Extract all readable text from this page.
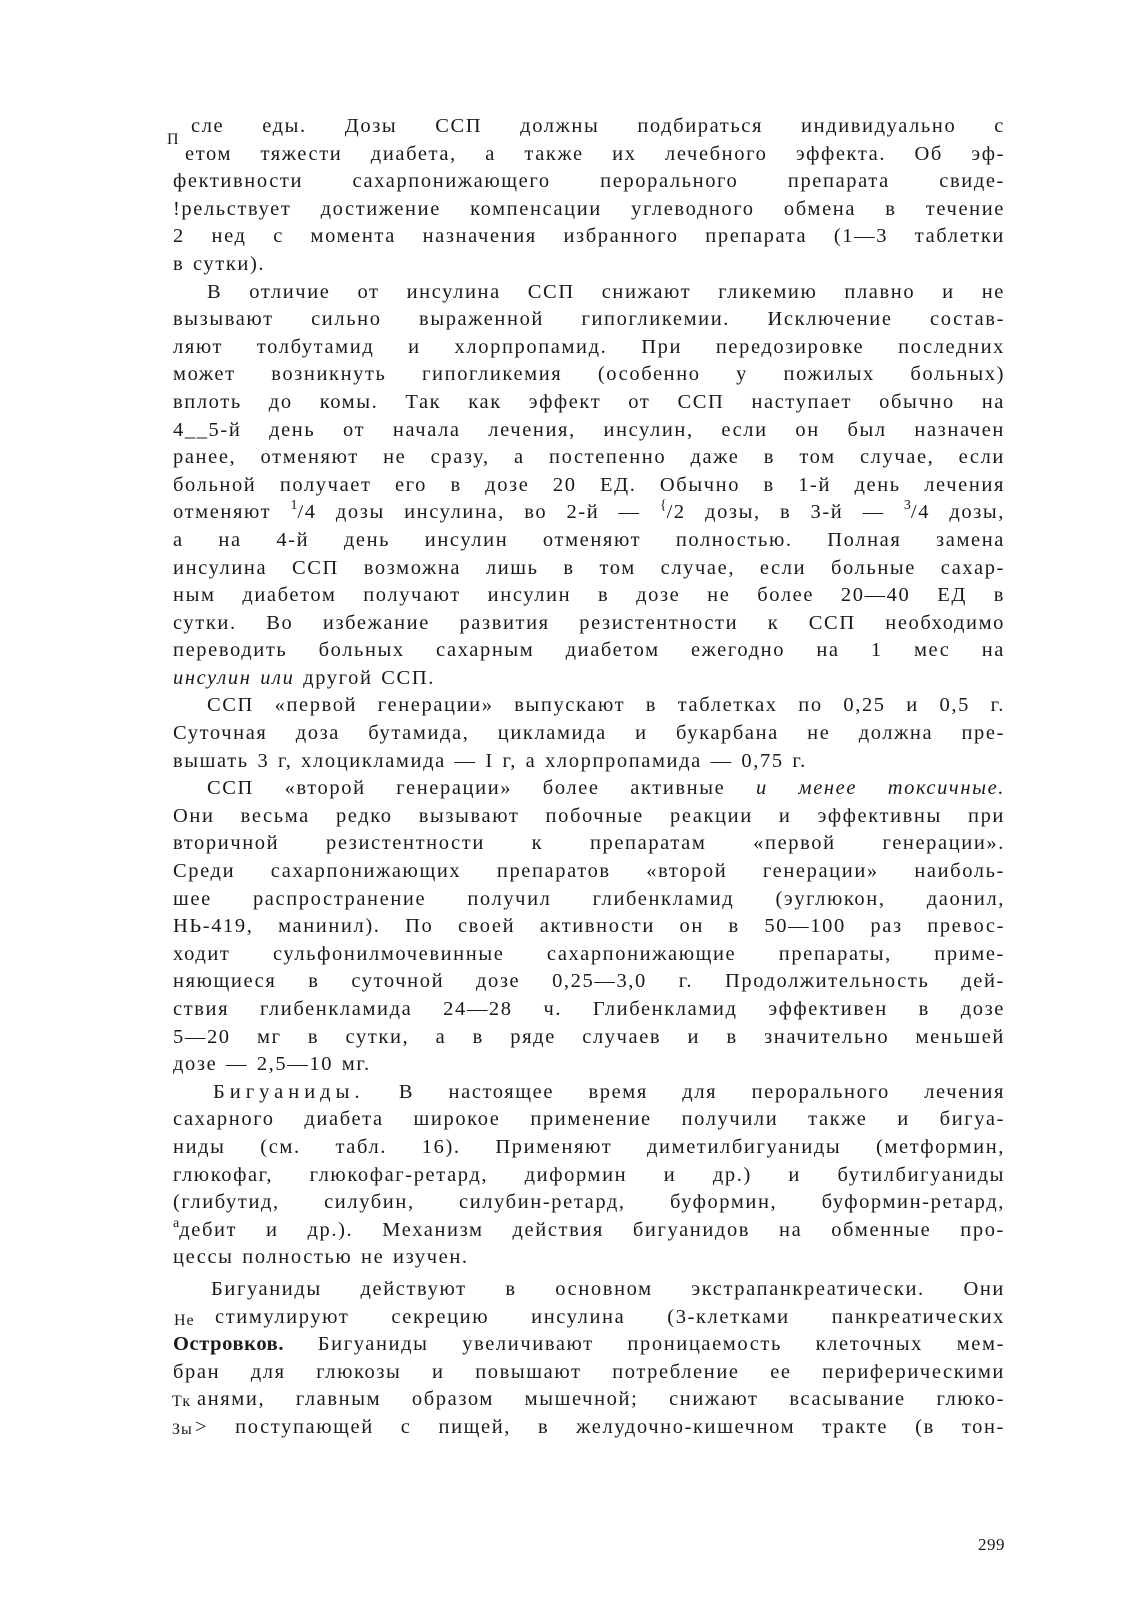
П
Не
Тк
Зы
сле еды. Дозы ССП должны подбираться индивидуально с
етом тяжести диабета, а также их лечебного эффекта. Об эф-
фективности сахарпонижающего перорального препарата свиде-
!рельствует достижение компенсации углеводного обмена в течение
2 нед с момента назначения избранного препарата (1—3 таблетки
в сутки).
В отличие от инсулина ССП снижают гликемию плавно и не
вызывают сильно выраженной гипогликемии. Исключение состав-
ляют толбутамид и хлорпропамид. При передозировке последних
может возникнуть гипогликемия (особенно у пожилых больных)
вплоть до комы. Так как эффект от ССП наступает обычно на
4__5-й день от начала лечения, инсулин, если он был назначен
ранее, отменяют не сразу, а постепенно даже в том случае, если
больной получает его в дозе 20 ЕД. Обычно в 1-й день лечения
отменяют $^1$/4 дозы инсулина, во 2-й — {/2 дозы, в 3-й — $^3$/4 дозы,
а на 4-й день инсулин отменяют полностью. Полная замена
инсулина ССП возможна лишь в том случае, если больные сахар-
ным диабетом получают инсулин в дозе не более 20—40 ЕД в
сутки. Во избежание развития резистентности к ССП необходимо
переводить больных сахарным диабетом ежегодно на 1 мес на
инсулин или другой ССП.
ССП «первой генерации» выпускают в таблетках по 0,25 и 0,5 г.
Суточная доза бутамида, цикламида и букарбана не должна пре-
вышать 3 г, хлоцикламида — I г, а хлорпропамида — 0,75 г.
ССП «второй генерации» более активные и менее токсичные.
Они весьма редко вызывают побочные реакции и эффективны при
вторичной резистентности к препаратам «первой генерации».
Среди сахарпонижающих препаратов «второй генерации» наиболь-
шее распространение получил глибенкламид (эуглюкон, даонил,
НЬ-419, манинил). По своей активности он в 50—100 раз превос-
ходит сульфонилмочевинные сахарпонижающие препараты, приме-
няющиеся в суточной дозе 0,25—3,0 г. Продолжительность дей-
ствия глибенкламида 24—28 ч. Глибенкламид эффективен в дозе
5—20 мг в сутки, а в ряде случаев и в значительно меньшей
дозе — 2,5—10 мг.
Бигуаниды. В настоящее время для перорального лечения
сахарного диабета широкое применение получили также и бигуа-
ниды (см. табл. 16). Применяют диметилбигуаниды (метформин,
глюкофаг, глюкофаг-ретард, диформин и др.) и бутилбигуаниды
(глибутид, силубин, силубин-ретард, буформин, буформин-ретард,
$^а$дебит и др.). Механизм действия бигуанидов на обменные про-
цессы полностью не изучен.
Бигуаниды действуют в основном экстрапанкреатически. Они
стимулируют секрецию инсулина (3-клетками панкреатических
Островков. Бигуаниды увеличивают проницаемость клеточных мем-
бран для глюкозы и повышают потребление ее периферическими
анями, главным образом мышечной; снижают всасывание глюко-
> поступающей с пищей, в желудочно-кишечном тракте (в тон-
299
